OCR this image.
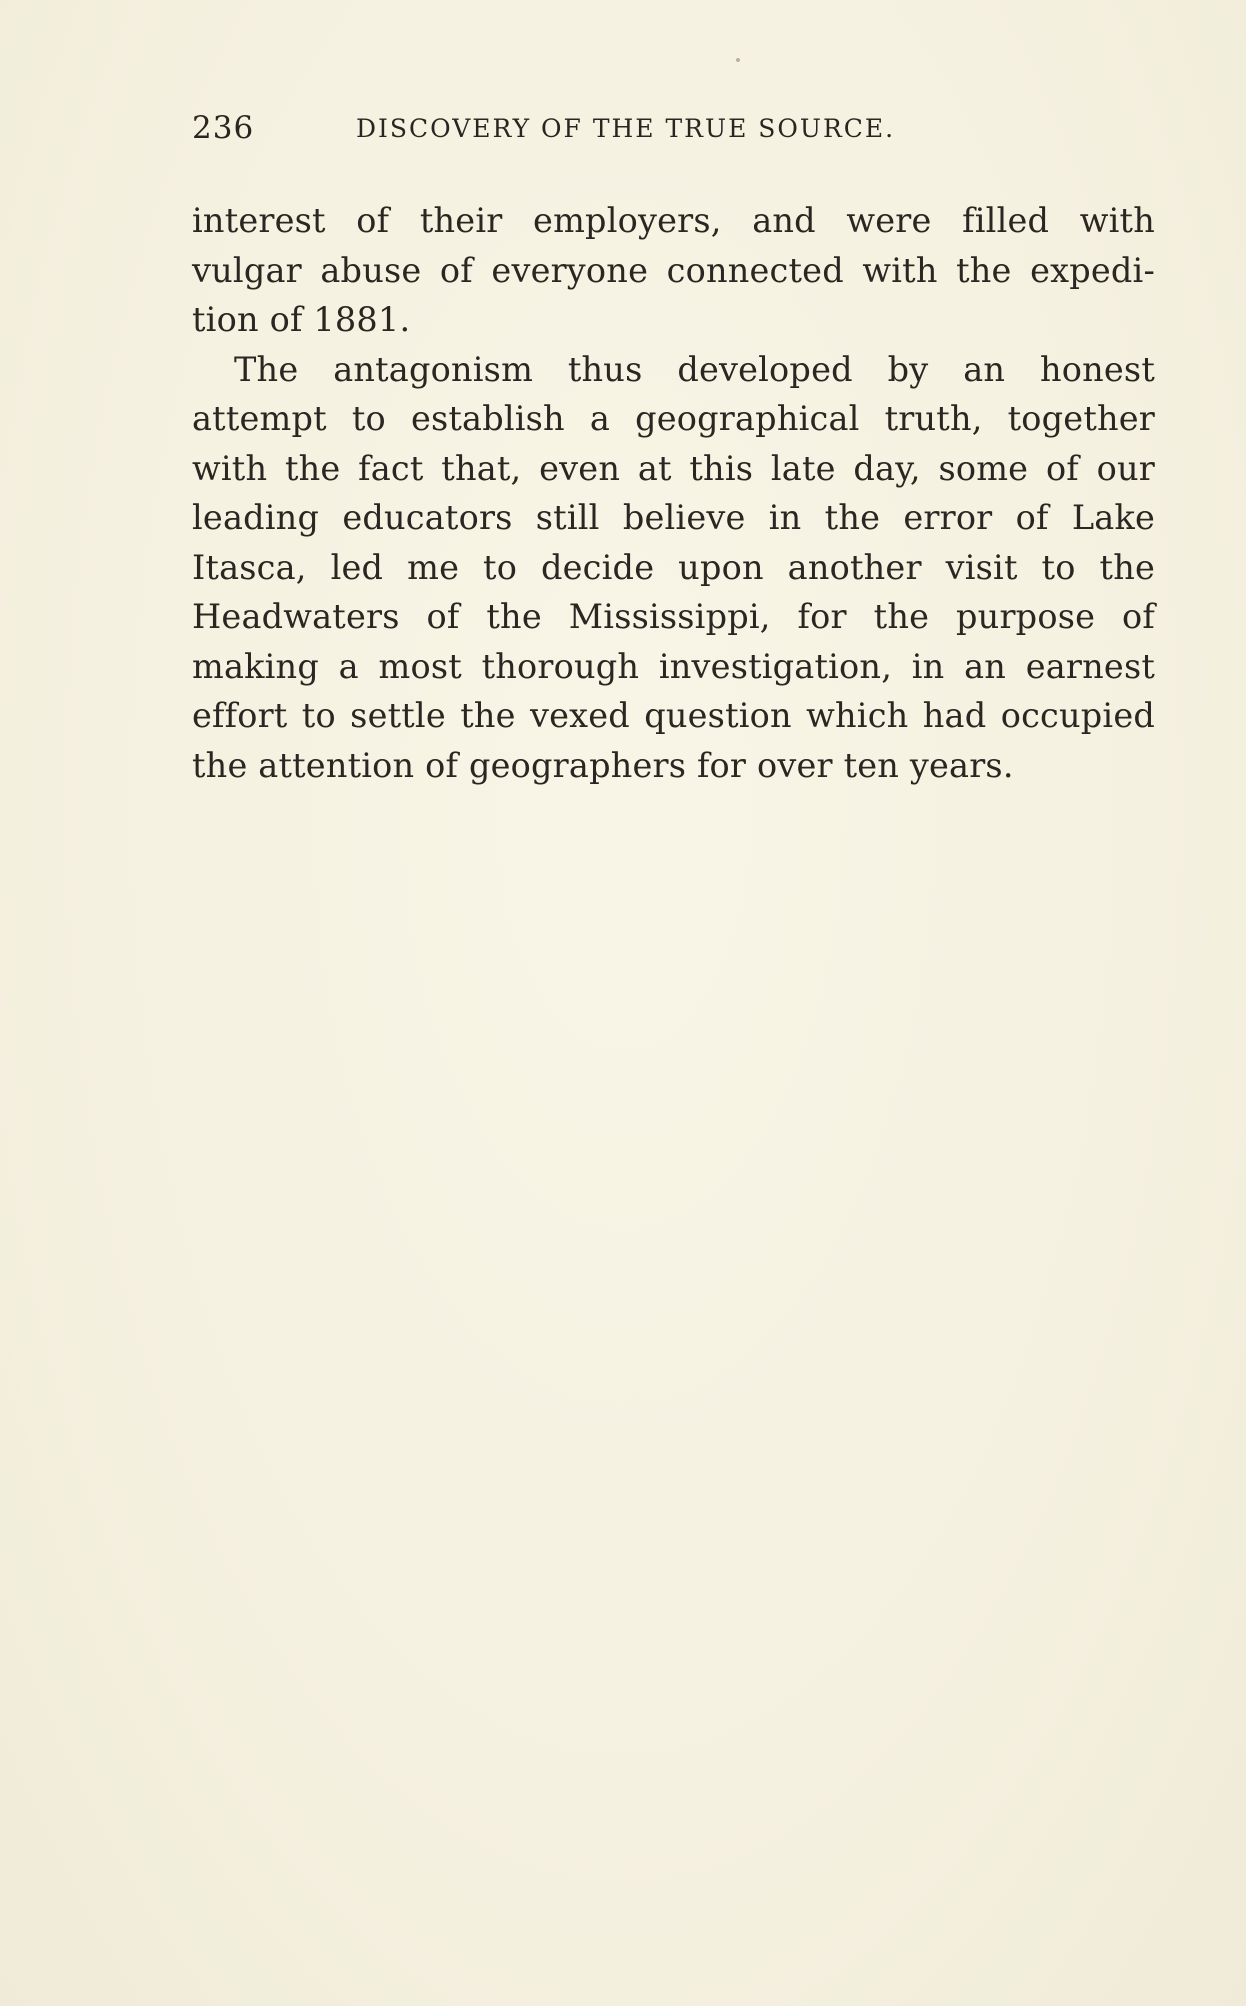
236	DISCOVERY OF THE TRUE SOURCE.

interest of their employers, and were filled with
vulgar abuse of everyone connected with the expedi-
tion of 1881.

The antagonism thus developed by an honest
attempt to establish a geographical truth, together
with the fact that, even at this late day, some of our
leading educators still believe in the error of Lake
Itasca, led me to decide upon another visit to the
Headwaters of the Mississippi, for the purpose of
making a most thorough investigation, in an earnest
effort to settle the vexed question which had occupied
the attention of geographers for over ten years.
